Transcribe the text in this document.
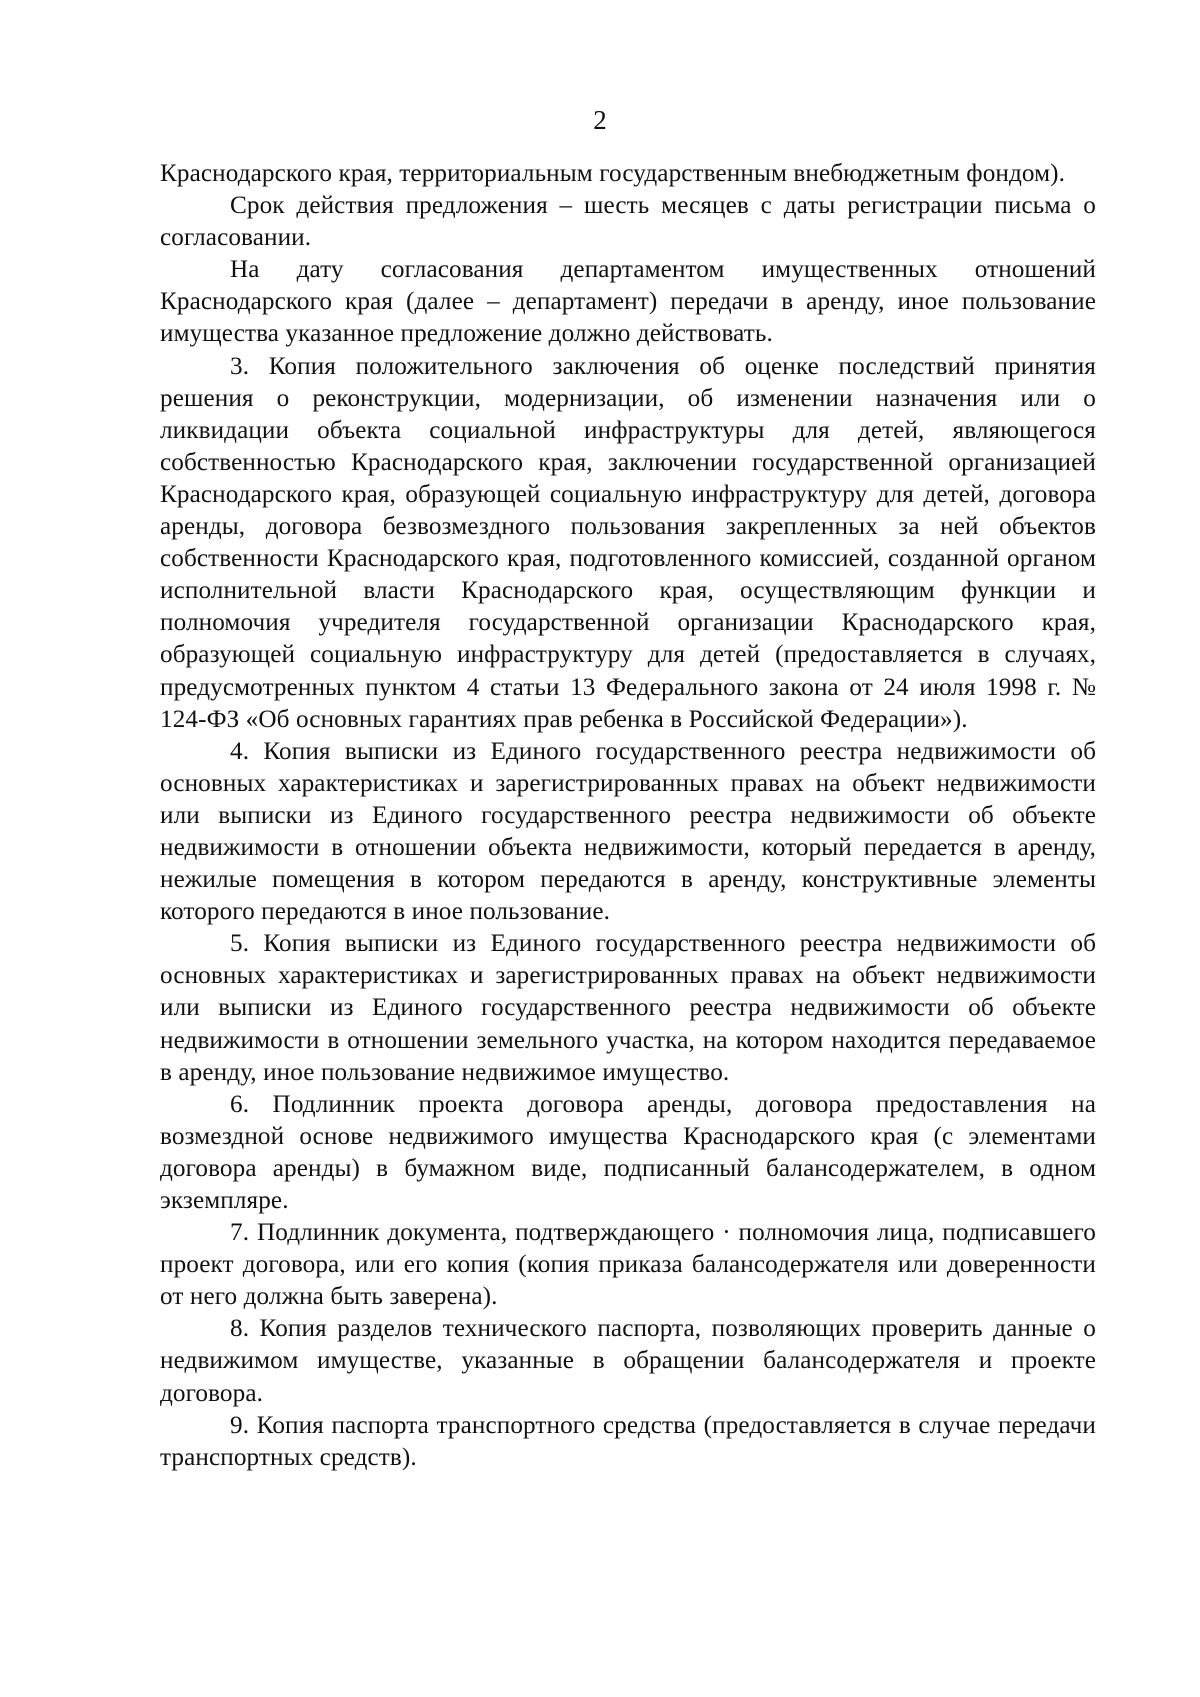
2

Краснодарского края, территориальным государственным внебюджетным фондом).

Срок действия предложения – шесть месяцев с даты регистрации письма о согласовании.

На дату согласования департаментом имущественных отношений Краснодарского края (далее – департамент) передачи в аренду, иное пользование имущества указанное предложение должно действовать.

3. Копия положительного заключения об оценке последствий принятия решения о реконструкции, модернизации, об изменении назначения или о ликвидации объекта социальной инфраструктуры для детей, являющегося собственностью Краснодарского края, заключении государственной организацией Краснодарского края, образующей социальную инфраструктуру для детей, договора аренды, договора безвозмездного пользования закрепленных за ней объектов собственности Краснодарского края, подготовленного комиссией, созданной органом исполнительной власти Краснодарского края, осуществляющим функции и полномочия учредителя государственной организации Краснодарского края, образующей социальную инфраструктуру для детей (предоставляется в случаях, предусмотренных пунктом 4 статьи 13 Федерального закона от 24 июля 1998 г. № 124-ФЗ «Об основных гарантиях прав ребенка в Российской Федерации»).

4. Копия выписки из Единого государственного реестра недвижимости об основных характеристиках и зарегистрированных правах на объект недвижимости или выписки из Единого государственного реестра недвижимости об объекте недвижимости в отношении объекта недвижимости, который передается в аренду, нежилые помещения в котором передаются в аренду, конструктивные элементы которого передаются в иное пользование.

5. Копия выписки из Единого государственного реестра недвижимости об основных характеристиках и зарегистрированных правах на объект недвижимости или выписки из Единого государственного реестра недвижимости об объекте недвижимости в отношении земельного участка, на котором находится передаваемое в аренду, иное пользование недвижимое имущество.

6. Подлинник проекта договора аренды, договора предоставления на возмездной основе недвижимого имущества Краснодарского края (с элементами договора аренды) в бумажном виде, подписанный балансодержателем, в одном экземпляре.

7. Подлинник документа, подтверждающего · полномочия лица, подписавшего проект договора, или его копия (копия приказа балансодержателя или доверенности от него должна быть заверена).

8. Копия разделов технического паспорта, позволяющих проверить данные о недвижимом имуществе, указанные в обращении балансодержателя и проекте договора.

9. Копия паспорта транспортного средства (предоставляется в случае передачи транспортных средств).
